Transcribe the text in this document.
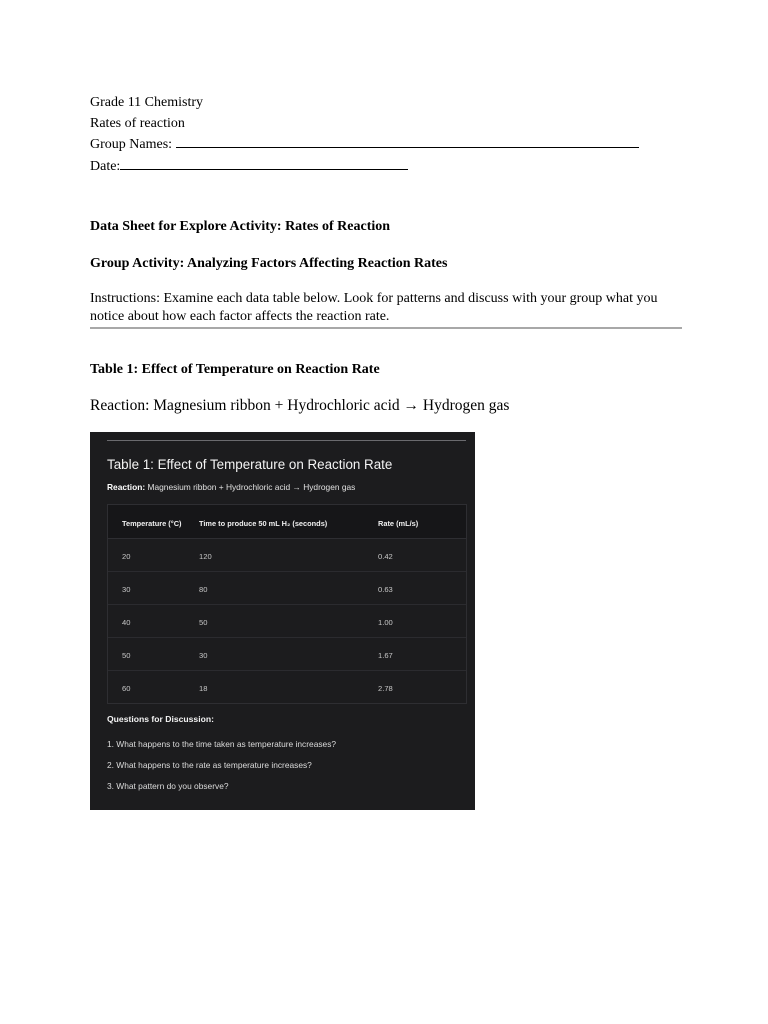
Grade 11 Chemistry
Rates of reaction
Group Names:
Date:
Data Sheet for Explore Activity: Rates of Reaction
Group Activity: Analyzing Factors Affecting Reaction Rates
Instructions: Examine each data table below. Look for patterns and discuss with your group what you notice about how each factor affects the reaction rate.
Table 1: Effect of Temperature on Reaction Rate
Reaction: Magnesium ribbon + Hydrochloric acid → Hydrogen gas
Table 1: Effect of Temperature on Reaction Rate
Reaction: Magnesium ribbon + Hydrochloric acid → Hydrogen gas
Temperature (°C)	Time to produce 50 mL H₂ (seconds)	Rate (mL/s)
20	120	0.42
30	80	0.63
40	50	1.00
50	30	1.67
60	18	2.78
Questions for Discussion:
1. What happens to the time taken as temperature increases?
2. What happens to the rate as temperature increases?
3. What pattern do you observe?
